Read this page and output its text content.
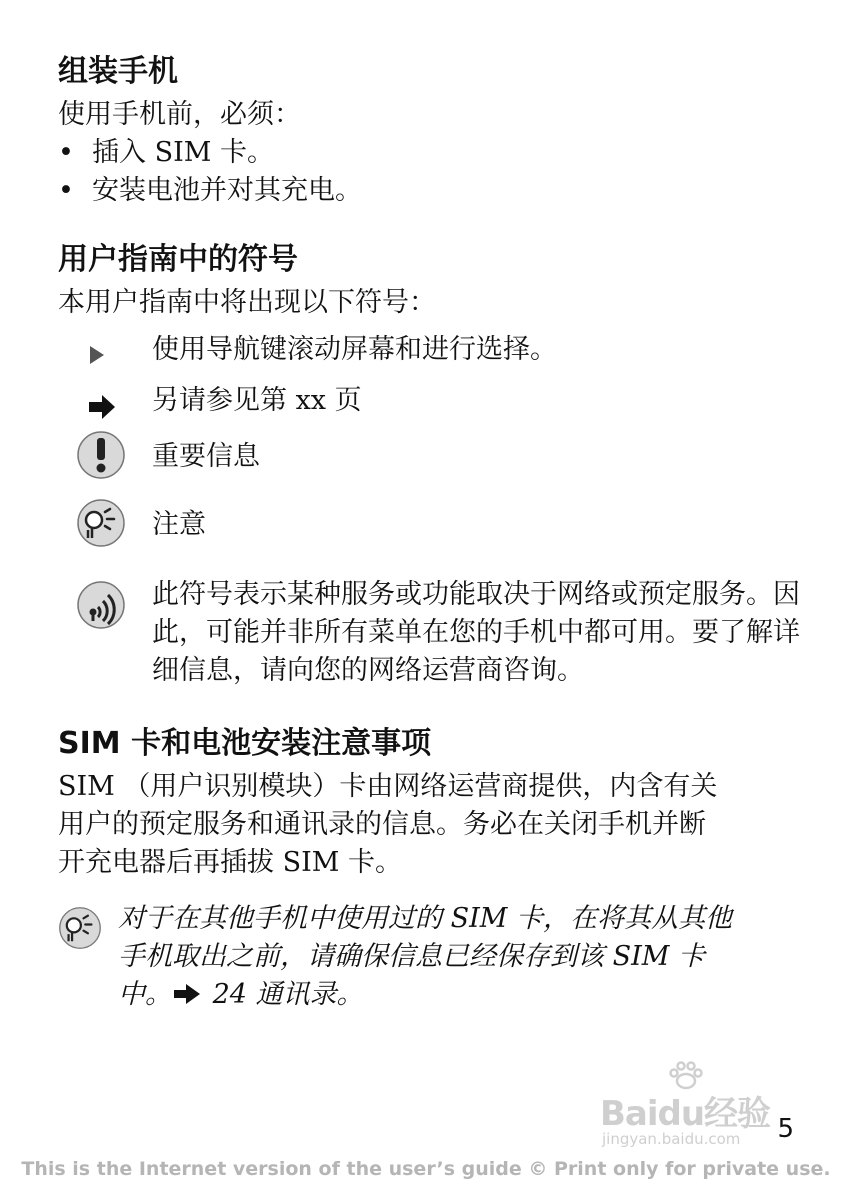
组装手机

使用手机前，必须：

• 插入 SIM 卡。
• 安装电池并对其充电。
用户指南中的符号

本用户指南中将出现以下符号：

使用导航键滚动屏幕和进行选择。
另请参见第 xx 页
重要信息
注意
此符号表示某种服务或功能取决于网络或预定服务。因此，可能并非所有菜单在您的手机中都可用。要了解详细信息，请向您的网络运营商咨询。
SIM 卡和电池安装注意事项

SIM （用户识别模块）卡由网络运营商提供，内含有关

用户的预定服务和通讯录的信息。务必在关闭手机并断

开充电器后再插拔 SIM 卡。

对于在其他手机中使用过的 SIM 卡，在将其从其他
手机取出之前，请确保信息已经保存到该 SIM 卡
中。 24 通讯录。
Baidu经验
jingyan.baidu.com 5
This is the Internet version of the user’s guide © Print only for private use.
